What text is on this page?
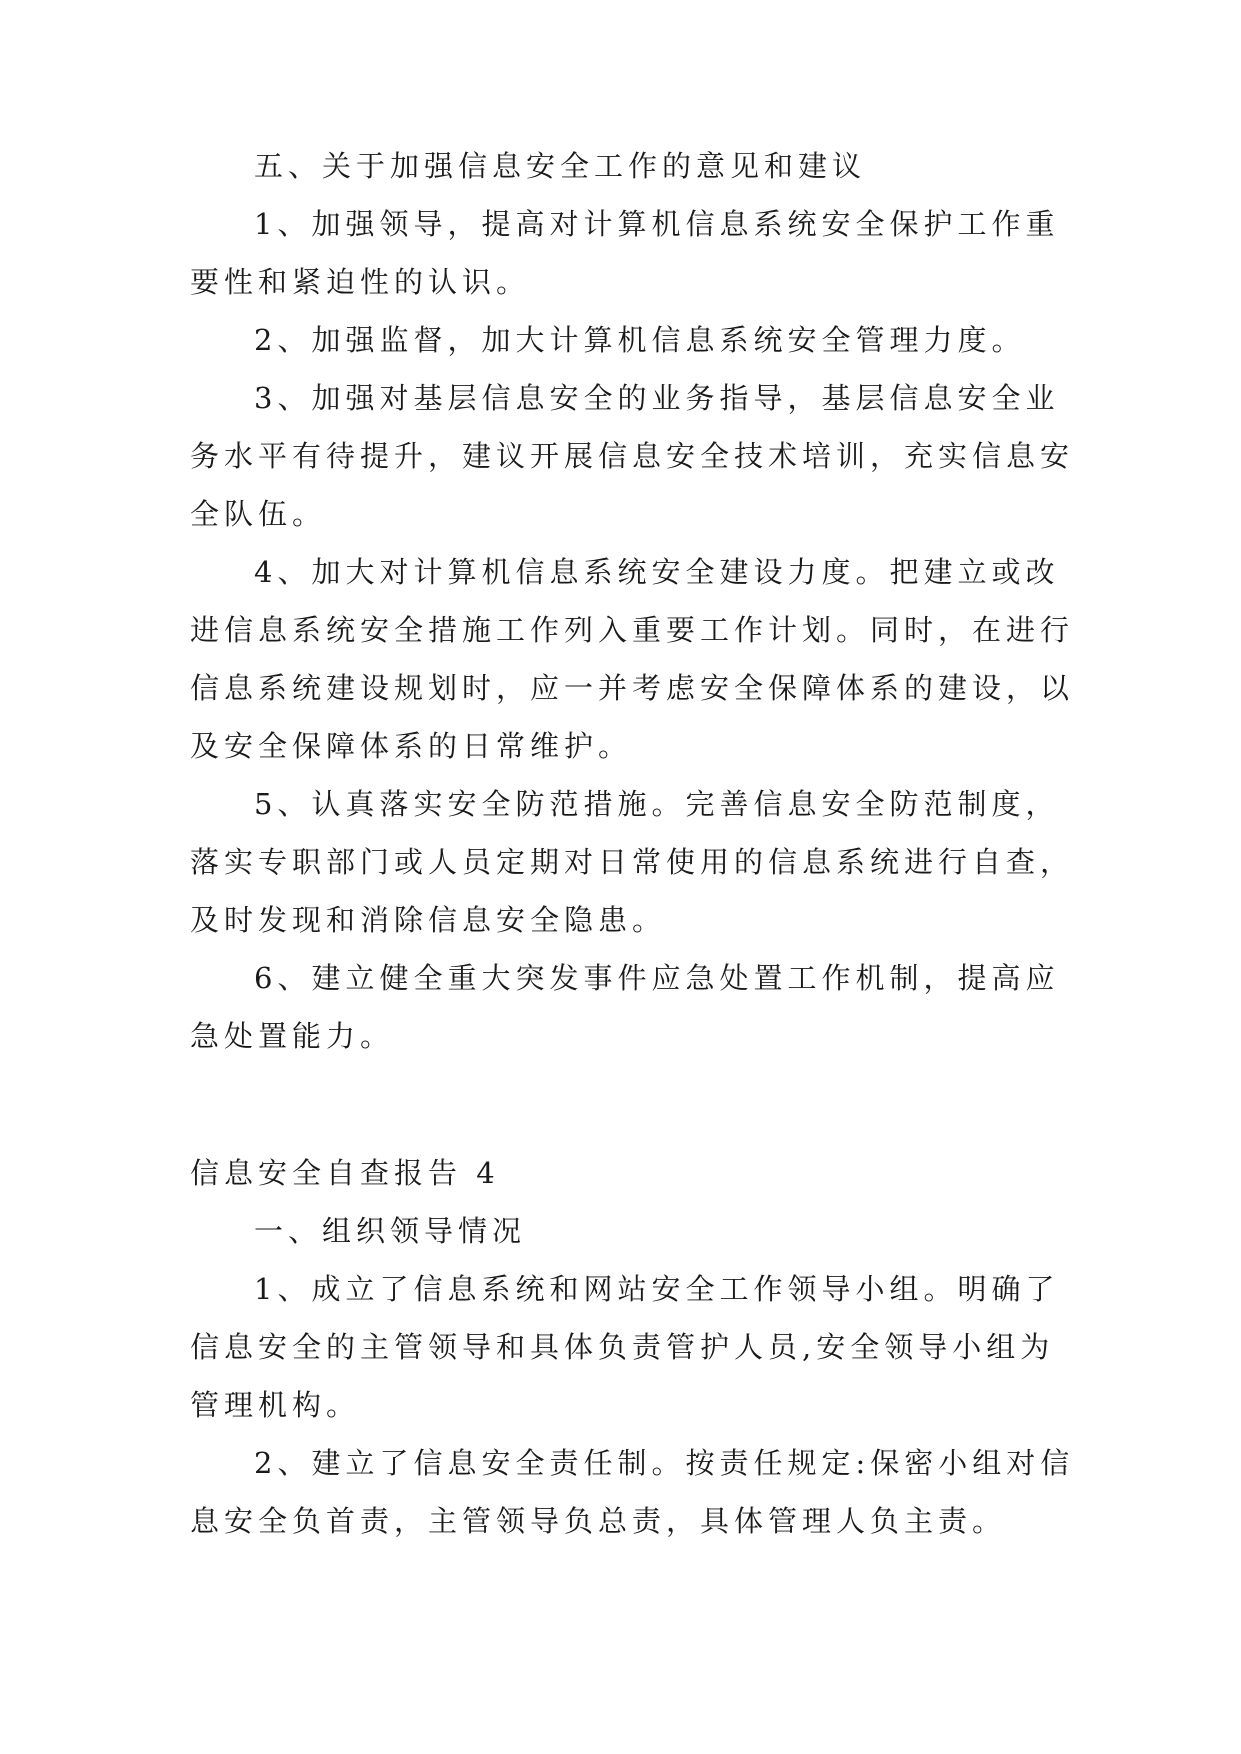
五、关于加强信息安全工作的意见和建议
1、加强领导，提高对计算机信息系统安全保护工作重
要性和紧迫性的认识。
2、加强监督，加大计算机信息系统安全管理力度。
3、加强对基层信息安全的业务指导，基层信息安全业
务水平有待提升，建议开展信息安全技术培训，充实信息安
全队伍。
4、加大对计算机信息系统安全建设力度。把建立或改
进信息系统安全措施工作列入重要工作计划。同时，在进行
信息系统建设规划时，应一并考虑安全保障体系的建设，以
及安全保障体系的日常维护。
5、认真落实安全防范措施。完善信息安全防范制度，
落实专职部门或人员定期对日常使用的信息系统进行自查，
及时发现和消除信息安全隐患。
6、建立健全重大突发事件应急处置工作机制，提高应
急处置能力。
信息安全自查报告 4
一、组织领导情况
1、成立了信息系统和网站安全工作领导小组。明确了
信息安全的主管领导和具体负责管护人员,安全领导小组为
管理机构。
2、建立了信息安全责任制。按责任规定:保密小组对信
息安全负首责，主管领导负总责，具体管理人负主责。
